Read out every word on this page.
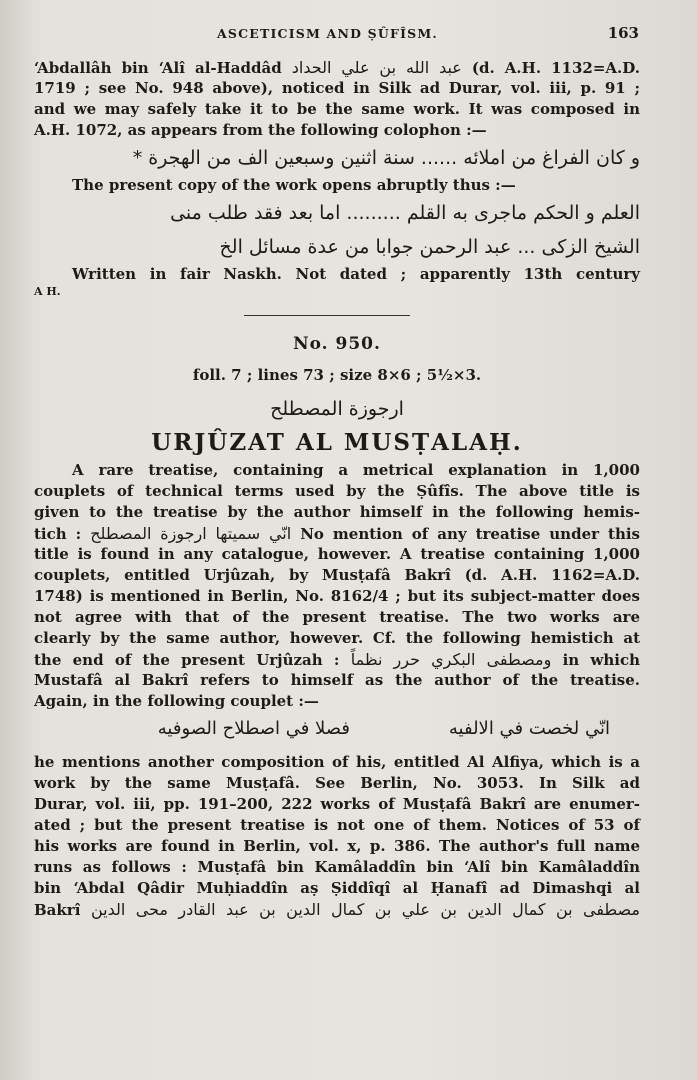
ASCETICISM AND ṢÛFÎSM.	163
‘Abdallâh bin ‘Alî al-Haddâd عبد الله بن علي الحداد (d. A.H. 1132=A.D.
1719 ; see No. 948 above), noticed in Silk ad Durar, vol. iii, p. 91 ;
and we may safely take it to be the same work. It was composed in
A.H. 1072, as appears from the following colophon :—
و كان الفراغ من املائه ...... سنة اثنين وسبعين الف من الهجرة *
The present copy of the work opens abruptly thus :—
العلم و الحكم ماجرى به القلم ......... اما بعد فقد طلب منى
الشيخ الزكى ... عبد الرحمن جوابا من عدة مسائل الخ
Written in fair Naskh. Not dated ; apparently 13th century
A H.
No. 950.
foll. 7 ; lines 73 ; size 8×6 ; 5½×3.
ارجوزة المصطلح
URJÛZAT AL MUSṬALAḤ.
A rare treatise, containing a metrical explanation in 1,000
couplets of technical terms used by the Ṣûfîs. The above title is
given to the treatise by the author himself in the following hemis-
tich : انّي سميتها ارجوزة المصطلح No mention of any treatise under this
title is found in any catalogue, however. A treatise containing 1,000
couplets, entitled Urjûzah, by Musṭafâ Bakrî (d. A.H. 1162=A.D.
1748) is mentioned in Berlin, No. 8162/4 ; but its subject-matter does
not agree with that of the present treatise. The two works are
clearly by the same author, however. Cf. the following hemistich at
the end of the present Urjûzah : ومصطفى البكري حرر نظماً in which
Mustafâ al Bakrî refers to himself as the author of the treatise.
Again, in the following couplet :—
انّي لخصت في الالفيه
فصلا في اصطلاح الصوفيه
he mentions another composition of his, entitled Al Alfiya, which is a
work by the same Musṭafâ. See Berlin, No. 3053. In Silk ad
Durar, vol. iii, pp. 191–200, 222 works of Musṭafâ Bakrî are enumer-
ated ; but the present treatise is not one of them. Notices of 53 of
his works are found in Berlin, vol. x, p. 386. The author's full name
runs as follows : Musṭafâ bin Kamâladdîn bin ‘Alî bin Kamâladdîn
bin ‘Abdal Qâdir Muḥiaddîn aṣ Ṣiddîqî al Ḥanafî ad Dimashqi al
Bakrî مصطفى بن كمال الدين بن علي بن كمال الدين بن عبد القادر محى الدين
